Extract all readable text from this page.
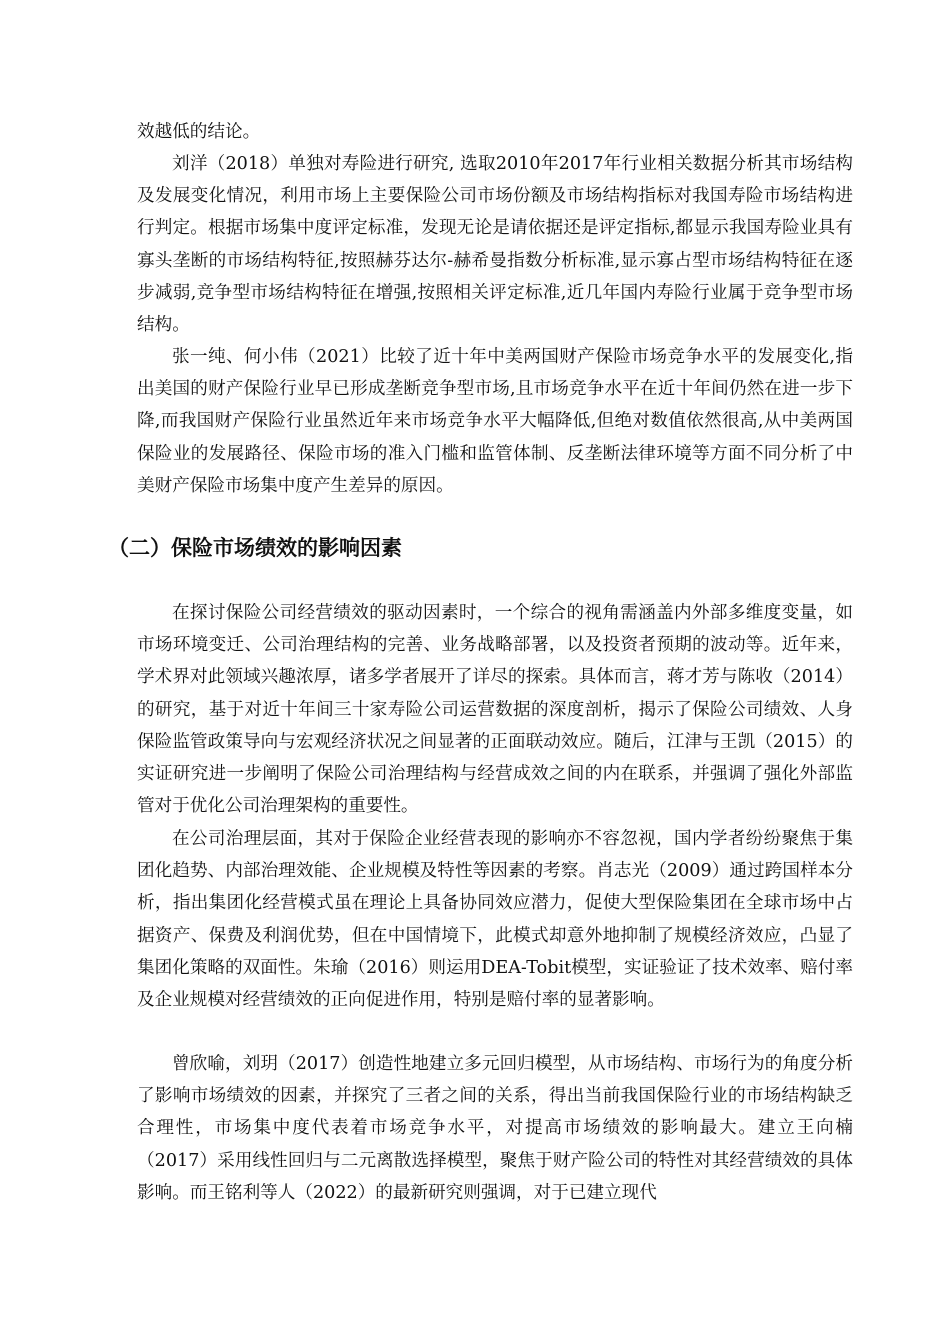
效越低的结论。

刘洋（2018）单独对寿险进行研究, 选取2010年2017年行业相关数据分析其市场结构及发展变化情况，利用市场上主要保险公司市场份额及市场结构指标对我国寿险市场结构进行判定。根据市场集中度评定标准，发现无论是请依据还是评定指标,都显示我国寿险业具有寡头垄断的市场结构特征,按照赫芬达尔-赫希曼指数分析标准,显示寡占型市场结构特征在逐步减弱,竞争型市场结构特征在增强,按照相关评定标准,近几年国内寿险行业属于竞争型市场结构。

张一纯、何小伟（2021）比较了近十年中美两国财产保险市场竞争水平的发展变化,指出美国的财产保险行业早已形成垄断竞争型市场,且市场竞争水平在近十年间仍然在进一步下降,而我国财产保险行业虽然近年来市场竞争水平大幅降低,但绝对数值依然很高,从中美两国保险业的发展路径、保险市场的准入门槛和监管体制、反垄断法律环境等方面不同分析了中美财产保险市场集中度产生差异的原因。

（二）保险市场绩效的影响因素

在探讨保险公司经营绩效的驱动因素时，一个综合的视角需涵盖内外部多维度变量，如市场环境变迁、公司治理结构的完善、业务战略部署，以及投资者预期的波动等。近年来，学术界对此领域兴趣浓厚，诸多学者展开了详尽的探索。具体而言，蒋才芳与陈收（2014）的研究，基于对近十年间三十家寿险公司运营数据的深度剖析，揭示了保险公司绩效、人身保险监管政策导向与宏观经济状况之间显著的正面联动效应。随后，江津与王凯（2015）的实证研究进一步阐明了保险公司治理结构与经营成效之间的内在联系，并强调了强化外部监管对于优化公司治理架构的重要性。

在公司治理层面，其对于保险企业经营表现的影响亦不容忽视，国内学者纷纷聚焦于集团化趋势、内部治理效能、企业规模及特性等因素的考察。肖志光（2009）通过跨国样本分析，指出集团化经营模式虽在理论上具备协同效应潜力，促使大型保险集团在全球市场中占据资产、保费及利润优势，但在中国情境下，此模式却意外地抑制了规模经济效应，凸显了集团化策略的双面性。朱瑜（2016）则运用DEA-Tobit模型，实证验证了技术效率、赔付率及企业规模对经营绩效的正向促进作用，特别是赔付率的显著影响。

曾欣喻，刘玥（2017）创造性地建立多元回归模型，从市场结构、市场行为的角度分析了影响市场绩效的因素，并探究了三者之间的关系，得出当前我国保险行业的市场结构缺乏合理性，市场集中度代表着市场竞争水平，对提高市场绩效的影响最大。建立王向楠（2017）采用线性回归与二元离散选择模型，聚焦于财产险公司的特性对其经营绩效的具体影响。而王铭利等人（2022）的最新研究则强调，对于已建立现代
